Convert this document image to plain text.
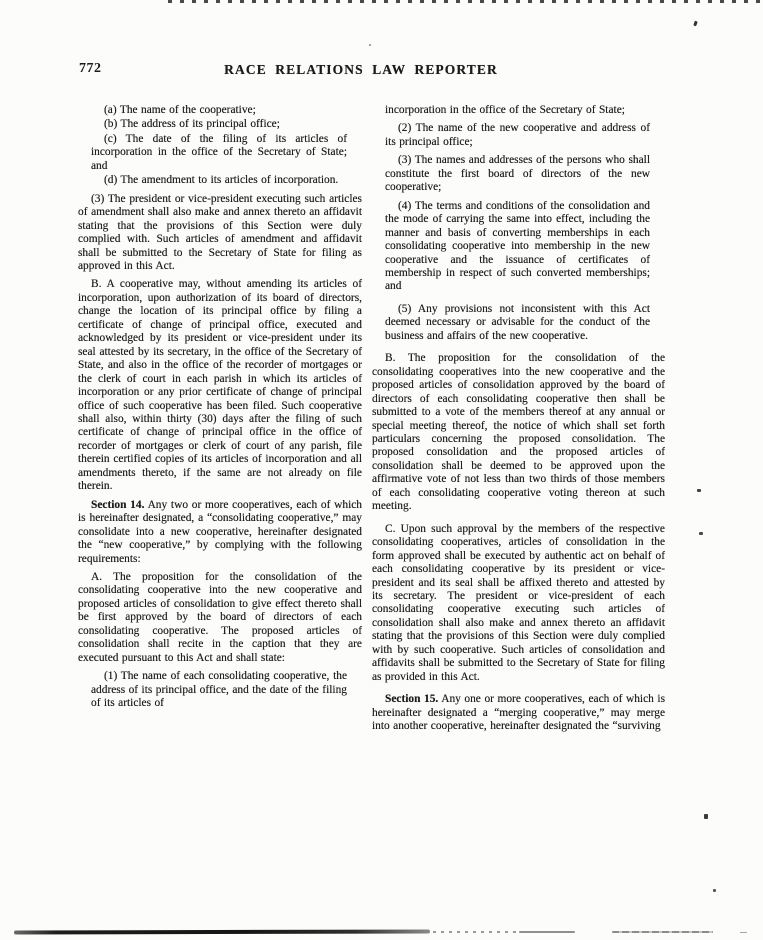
772	RACE RELATIONS LAW REPORTER

(a) The name of the cooperative;

(b) The address of its principal office;

(c) The date of the filing of its articles of incorporation in the office of the Secretary of State; and

(d) The amendment to its articles of incorporation.

(3) The president or vice-president executing such articles of amendment shall also make and annex thereto an affidavit stating that the provisions of this Section were duly complied with. Such articles of amendment and affidavit shall be submitted to the Secretary of State for filing as approved in this Act.

B. A cooperative may, without amending its articles of incorporation, upon authorization of its board of directors, change the location of its principal office by filing a certificate of change of principal office, executed and acknowledged by its president or vice-president under its seal attested by its secretary, in the office of the Secretary of State, and also in the office of the recorder of mortgages or the clerk of court in each parish in which its articles of incorporation or any prior certificate of change of principal office of such cooperative has been filed. Such cooperative shall also, within thirty (30) days after the filing of such certificate of change of principal office in the office of recorder of mortgages or clerk of court of any parish, file therein certified copies of its articles of incorporation and all amendments thereto, if the same are not already on file therein.

Section 14. Any two or more cooperatives, each of which is hereinafter designated, a “consolidating cooperative,” may consolidate into a new cooperative, hereinafter designated the “new cooperative,” by complying with the following requirements:

A. The proposition for the consolidation of the consolidating cooperative into the new cooperative and proposed articles of consolidation to give effect thereto shall be first approved by the board of directors of each consolidating cooperative. The proposed articles of consolidation shall recite in the caption that they are executed pursuant to this Act and shall state:

(1) The name of each consolidating cooperative, the address of its principal office, and the date of the filing of its articles of

incorporation in the office of the Secretary of State;

(2) The name of the new cooperative and address of its principal office;

(3) The names and addresses of the persons who shall constitute the first board of directors of the new cooperative;

(4) The terms and conditions of the consolidation and the mode of carrying the same into effect, including the manner and basis of converting memberships in each consolidating cooperative into membership in the new cooperative and the issuance of certificates of membership in respect of such converted memberships; and

(5) Any provisions not inconsistent with this Act deemed necessary or advisable for the conduct of the business and affairs of the new cooperative.

B. The proposition for the consolidation of the consolidating cooperatives into the new cooperative and the proposed articles of consolidation approved by the board of directors of each consolidating cooperative then shall be submitted to a vote of the members thereof at any annual or special meeting thereof, the notice of which shall set forth particulars concerning the proposed consolidation. The proposed consolidation and the proposed articles of consolidation shall be deemed to be approved upon the affirmative vote of not less than two thirds of those members of each consolidating cooperative voting thereon at such meeting.

C. Upon such approval by the members of the respective consolidating cooperatives, articles of consolidation in the form approved shall be executed by authentic act on behalf of each consolidating cooperative by its president or vice-president and its seal shall be affixed thereto and attested by its secretary. The president or vice-president of each consolidating cooperative executing such articles of consolidation shall also make and annex thereto an affidavit stating that the provisions of this Section were duly complied with by such cooperative. Such articles of consolidation and affidavits shall be submitted to the Secretary of State for filing as provided in this Act.

Section 15. Any one or more cooperatives, each of which is hereinafter designated a “merging cooperative,” may merge into another cooperative, hereinafter designated the “surviving
